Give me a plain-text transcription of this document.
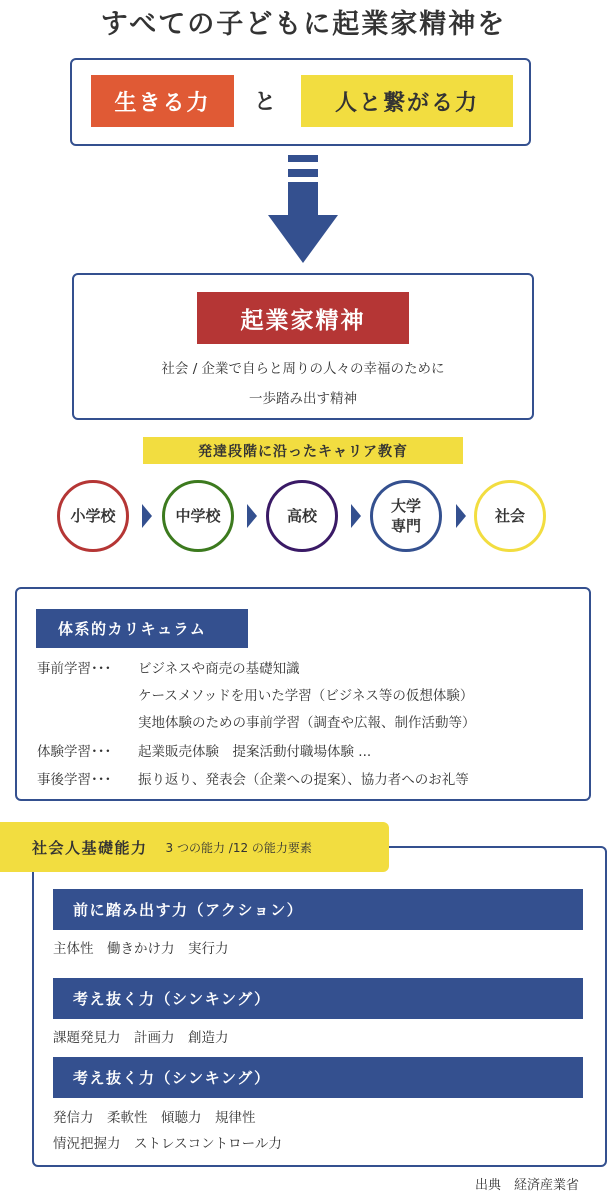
すべての子どもに起業家精神を
生きる力	と	人と繋がる力
起業家精神
社会 / 企業で自らと周りの人々の幸福のために
一歩踏み出す精神
発達段階に沿ったキャリア教育
小学校	中学校	高校
大学
専門
社会
体系的カリキュラム
事前学習･･･ ビジネスや商売の基礎知識
ケースメソッドを用いた学習（ビジネス等の仮想体験）
実地体験のための事前学習（調査や広報、制作活動等）
体験学習･･･ 起業販売体験　提案活動付職場体験 ...
事後学習･･･ 振り返り、発表会（企業への提案）、協力者へのお礼等
社会人基礎能力 3 つの能力 /12 の能力要素
前に踏み出す力（アクション）
主体性　働きかけ力　実行力
考え抜く力（シンキング）
課題発見力　計画力　創造力
考え抜く力（シンキング）
発信力　柔軟性　傾聴力　規律性
情況把握力　ストレスコントロール力
出典　経済産業省
